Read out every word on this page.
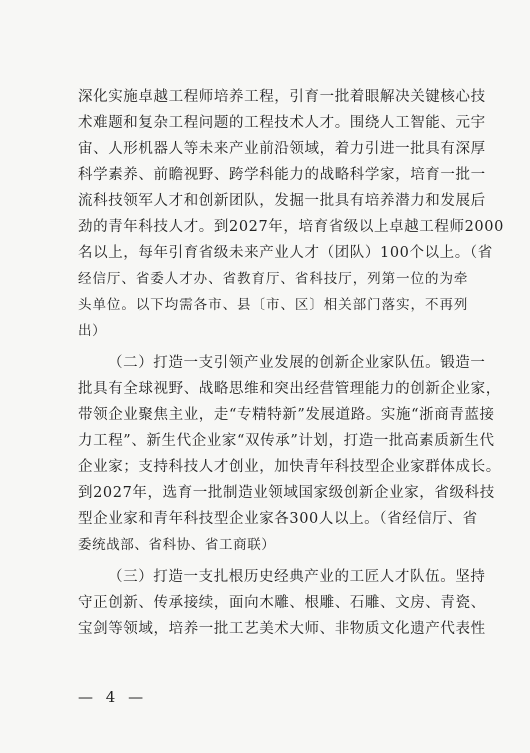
深化实施卓越工程师培养工程，引育一批着眼解决关键核心技
术难题和复杂工程问题的工程技术人才。围绕人工智能、元宇
宙、人形机器人等未来产业前沿领域，着力引进一批具有深厚
科学素养、前瞻视野、跨学科能力的战略科学家，培育一批一
流科技领军人才和创新团队，发掘一批具有培养潜力和发展后
劲的青年科技人才。到2027年，培育省级以上卓越工程师2000
名以上，每年引育省级未来产业人才（团队）100个以上。（省
经信厅、省委人才办、省教育厅、省科技厅，列第一位的为牵
头单位。以下均需各市、县〔市、区〕相关部门落实，不再列
出）
（二）打造一支引领产业发展的创新企业家队伍。锻造一
批具有全球视野、战略思维和突出经营管理能力的创新企业家，
带领企业聚焦主业，走“专精特新”发展道路。实施“浙商青蓝接
力工程”、新生代企业家“双传承”计划，打造一批高素质新生代
企业家；支持科技人才创业，加快青年科技型企业家群体成长。
到2027年，选育一批制造业领域国家级创新企业家，省级科技
型企业家和青年科技型企业家各300人以上。（省经信厅、省
委统战部、省科协、省工商联）
（三）打造一支扎根历史经典产业的工匠人才队伍。坚持
守正创新、传承接续，面向木雕、根雕、石雕、文房、青瓷、
宝剑等领域，培养一批工艺美术大师、非物质文化遗产代表性
— 4 —
